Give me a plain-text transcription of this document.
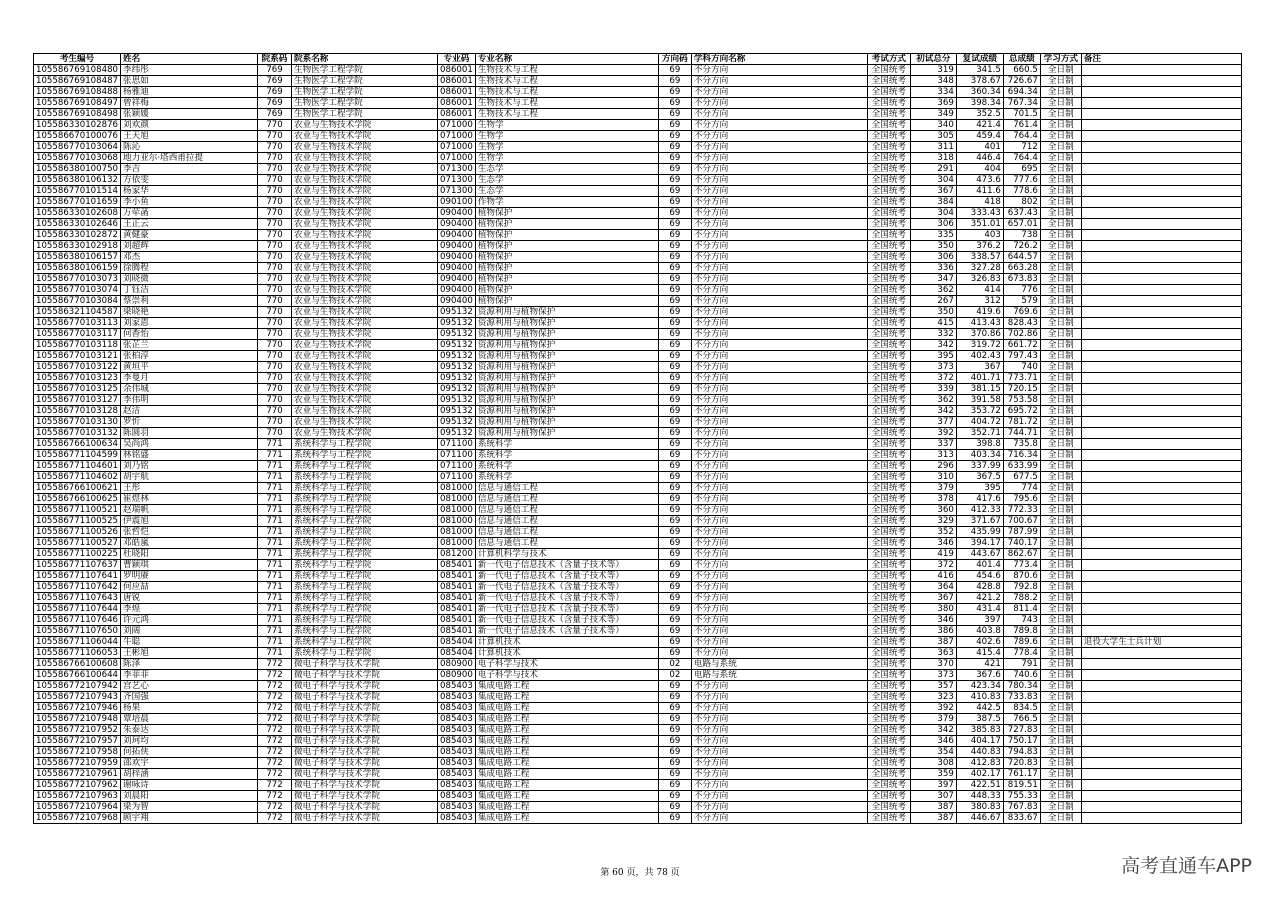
考生编号	姓名	院系码	院系名称	专业码	专业名称	方向码	学科方向名称	考试方式	初试总分	复试成绩	总成绩	学习方式	备注
105586769108480	李纬彤	769	生物医学工程学院	086001	生物技术与工程	69	不分方向	全国统考	319	341.5	660.5	全日制	
105586769108487	张思如	769	生物医学工程学院	086001	生物技术与工程	69	不分方向	全国统考	348	378.67	726.67	全日制	
105586769108488	杨雅迪	769	生物医学工程学院	086001	生物技术与工程	69	不分方向	全国统考	334	360.34	694.34	全日制	
105586769108497	曾祥梅	769	生物医学工程学院	086001	生物技术与工程	69	不分方向	全国统考	369	398.34	767.34	全日制	
105586769108498	张颖媛	769	生物医学工程学院	086001	生物技术与工程	69	不分方向	全国统考	349	352.5	701.5	全日制	
105586330102876	刘欢颜	770	农业与生物技术学院	071000	生物学	69	不分方向	全国统考	340	421.4	761.4	全日制	
105586670100076	王天旭	770	农业与生物技术学院	071000	生物学	69	不分方向	全国统考	305	459.4	764.4	全日制	
105586770103064	陈沁	770	农业与生物技术学院	071000	生物学	69	不分方向	全国统考	311	401	712	全日制	
105586770103068	地力亚尔·塔西甫拉提	770	农业与生物技术学院	071000	生物学	69	不分方向	全国统考	318	446.4	764.4	全日制	
105586380100750	李吉	770	农业与生物技术学院	071300	生态学	69	不分方向	全国统考	291	404	695	全日制	
105586380106132	方依雯	770	农业与生物技术学院	071300	生态学	69	不分方向	全国统考	304	473.6	777.6	全日制	
105586770101514	杨家华	770	农业与生物技术学院	071300	生态学	69	不分方向	全国统考	367	411.6	778.6	全日制	
105586770101659	李小鱼	770	农业与生物技术学院	090100	作物学	69	不分方向	全国统考	384	418	802	全日制	
105586330102608	万荦菡	770	农业与生物技术学院	090400	植物保护	69	不分方向	全国统考	304	333.43	637.43	全日制	
105586330102646	王正云	770	农业与生物技术学院	090400	植物保护	69	不分方向	全国统考	306	351.01	657.01	全日制	
105586330102872	黄健豪	770	农业与生物技术学院	090400	植物保护	69	不分方向	全国统考	335	403	738	全日制	
105586330102918	刘超辉	770	农业与生物技术学院	090400	植物保护	69	不分方向	全国统考	350	376.2	726.2	全日制	
105586380106157	邓杰	770	农业与生物技术学院	090400	植物保护	69	不分方向	全国统考	306	338.57	644.57	全日制	
105586380106159	徐腾程	770	农业与生物技术学院	090400	植物保护	69	不分方向	全国统考	336	327.28	663.28	全日制	
105586770103073	刘晓微	770	农业与生物技术学院	090400	植物保护	69	不分方向	全国统考	347	326.83	673.83	全日制	
105586770103074	丁钰洁	770	农业与生物技术学院	090400	植物保护	69	不分方向	全国统考	362	414	776	全日制	
105586770103084	蔡崇利	770	农业与生物技术学院	090400	植物保护	69	不分方向	全国统考	267	312	579	全日制	
105586321104587	梁晓艳	770	农业与生物技术学院	095132	资源利用与植物保护	69	不分方向	全国统考	350	419.6	769.6	全日制	
105586770103113	刘家恩	770	农业与生物技术学院	095132	资源利用与植物保护	69	不分方向	全国统考	415	413.43	828.43	全日制	
105586770103117	何香怡	770	农业与生物技术学院	095132	资源利用与植物保护	69	不分方向	全国统考	332	370.86	702.86	全日制	
105586770103118	张芷兰	770	农业与生物技术学院	095132	资源利用与植物保护	69	不分方向	全国统考	342	319.72	661.72	全日制	
105586770103121	张柏淳	770	农业与生物技术学院	095132	资源利用与植物保护	69	不分方向	全国统考	395	402.43	797.43	全日制	
105586770103122	黄垣平	770	农业与生物技术学院	095132	资源利用与植物保护	69	不分方向	全国统考	373	367	740	全日制	
105586770103123	李曼月	770	农业与生物技术学院	095132	资源利用与植物保护	69	不分方向	全国统考	372	401.71	773.71	全日制	
105586770103125	余伟城	770	农业与生物技术学院	095132	资源利用与植物保护	69	不分方向	全国统考	339	381.15	720.15	全日制	
105586770103127	李伟明	770	农业与生物技术学院	095132	资源利用与植物保护	69	不分方向	全国统考	362	391.58	753.58	全日制	
105586770103128	赵洁	770	农业与生物技术学院	095132	资源利用与植物保护	69	不分方向	全国统考	342	353.72	695.72	全日制	
105586770103130	罗忻	770	农业与生物技术学院	095132	资源利用与植物保护	69	不分方向	全国统考	377	404.72	781.72	全日制	
105586770103132	陈圆羽	770	农业与生物技术学院	095132	资源利用与植物保护	69	不分方向	全国统考	392	352.71	744.71	全日制	
105586766100634	吴尚鸿	771	系统科学与工程学院	071100	系统科学	69	不分方向	全国统考	337	398.8	735.8	全日制	
105586771104599	林铭盛	771	系统科学与工程学院	071100	系统科学	69	不分方向	全国统考	313	403.34	716.34	全日制	
105586771104601	刘乃铭	771	系统科学与工程学院	071100	系统科学	69	不分方向	全国统考	296	337.99	633.99	全日制	
105586771104602	胡宇航	771	系统科学与工程学院	071100	系统科学	69	不分方向	全国统考	310	367.5	677.5	全日制	
105586766100621	王彤	771	系统科学与工程学院	081000	信息与通信工程	69	不分方向	全国统考	379	395	774	全日制	
105586766100625	崔煜林	771	系统科学与工程学院	081000	信息与通信工程	69	不分方向	全国统考	378	417.6	795.6	全日制	
105586771100521	赵瑞帆	771	系统科学与工程学院	081000	信息与通信工程	69	不分方向	全国统考	360	412.33	772.33	全日制	
105586771100525	伊震旭	771	系统科学与工程学院	081000	信息与通信工程	69	不分方向	全国统考	329	371.67	700.67	全日制	
105586771100526	张哲恺	771	系统科学与工程学院	081000	信息与通信工程	69	不分方向	全国统考	352	435.99	787.99	全日制	
105586771100527	邓皓嵐	771	系统科学与工程学院	081000	信息与通信工程	69	不分方向	全国统考	346	394.17	740.17	全日制	
105586771100225	杜晓阳	771	系统科学与工程学院	081200	计算机科学与技术	69	不分方向	全国统考	419	443.67	862.67	全日制	
105586771107637	曹颖琪	771	系统科学与工程学院	085401	新一代电子信息技术（含量子技术等）	69	不分方向	全国统考	372	401.4	773.4	全日制	
105586771107641	罗明赓	771	系统科学与工程学院	085401	新一代电子信息技术（含量子技术等）	69	不分方向	全国统考	416	454.6	870.6	全日制	
105586771107642	何应喆	771	系统科学与工程学院	085401	新一代电子信息技术（含量子技术等）	69	不分方向	全国统考	364	428.8	792.8	全日制	
105586771107643	唐锐	771	系统科学与工程学院	085401	新一代电子信息技术（含量子技术等）	69	不分方向	全国统考	367	421.2	788.2	全日制	
105586771107644	李煌	771	系统科学与工程学院	085401	新一代电子信息技术（含量子技术等）	69	不分方向	全国统考	380	431.4	811.4	全日制	
105586771107646	许元鸿	771	系统科学与工程学院	085401	新一代电子信息技术（含量子技术等）	69	不分方向	全国统考	346	397	743	全日制	
105586771107650	刘阔	771	系统科学与工程学院	085401	新一代电子信息技术（含量子技术等）	69	不分方向	全国统考	386	403.8	789.8	全日制	
105586771106044	牛聪	771	系统科学与工程学院	085404	计算机技术	69	不分方向	全国统考	387	402.6	789.6	全日制	退役大学生士兵计划
105586771106053	王彬旭	771	系统科学与工程学院	085404	计算机技术	69	不分方向	全国统考	363	415.4	778.4	全日制	
105586766100608	陈泽	772	微电子科学与技术学院	080900	电子科学与技术	02	电路与系统	全国统考	370	421	791	全日制	
105586766100644	李菲菲	772	微电子科学与技术学院	080900	电子科学与技术	02	电路与系统	全国统考	373	367.6	740.6	全日制	
105586772107942	宫艺心	772	微电子科学与技术学院	085403	集成电路工程	69	不分方向	全国统考	357	423.34	780.34	全日制	
105586772107943	齐国强	772	微电子科学与技术学院	085403	集成电路工程	69	不分方向	全国统考	323	410.83	733.83	全日制	
105586772107946	杨果	772	微电子科学与技术学院	085403	集成电路工程	69	不分方向	全国统考	392	442.5	834.5	全日制	
105586772107948	覃培晨	772	微电子科学与技术学院	085403	集成电路工程	69	不分方向	全国统考	379	387.5	766.5	全日制	
105586772107952	朱泰达	772	微电子科学与技术学院	085403	集成电路工程	69	不分方向	全国统考	342	385.83	727.83	全日制	
105586772107957	刘珂均	772	微电子科学与技术学院	085403	集成电路工程	69	不分方向	全国统考	346	404.17	750.17	全日制	
105586772107958	何拓侠	772	微电子科学与技术学院	085403	集成电路工程	69	不分方向	全国统考	354	440.83	794.83	全日制	
105586772107959	邵欢宇	772	微电子科学与技术学院	085403	集成电路工程	69	不分方向	全国统考	308	412.83	720.83	全日制	
105586772107961	胡梓涵	772	微电子科学与技术学院	085403	集成电路工程	69	不分方向	全国统考	359	402.17	761.17	全日制	
105586772107962	谢咏诗	772	微电子科学与技术学院	085403	集成电路工程	69	不分方向	全国统考	397	422.51	819.51	全日制	
105586772107963	刘晨阳	772	微电子科学与技术学院	085403	集成电路工程	69	不分方向	全国统考	307	448.33	755.33	全日制	
105586772107964	梁为智	772	微电子科学与技术学院	085403	集成电路工程	69	不分方向	全国统考	387	380.83	767.83	全日制	
105586772107968	顾宇翔	772	微电子科学与技术学院	085403	集成电路工程	69	不分方向	全国统考	387	446.67	833.67	全日制	
第 60 页，共 78 页	高考直通车APP
